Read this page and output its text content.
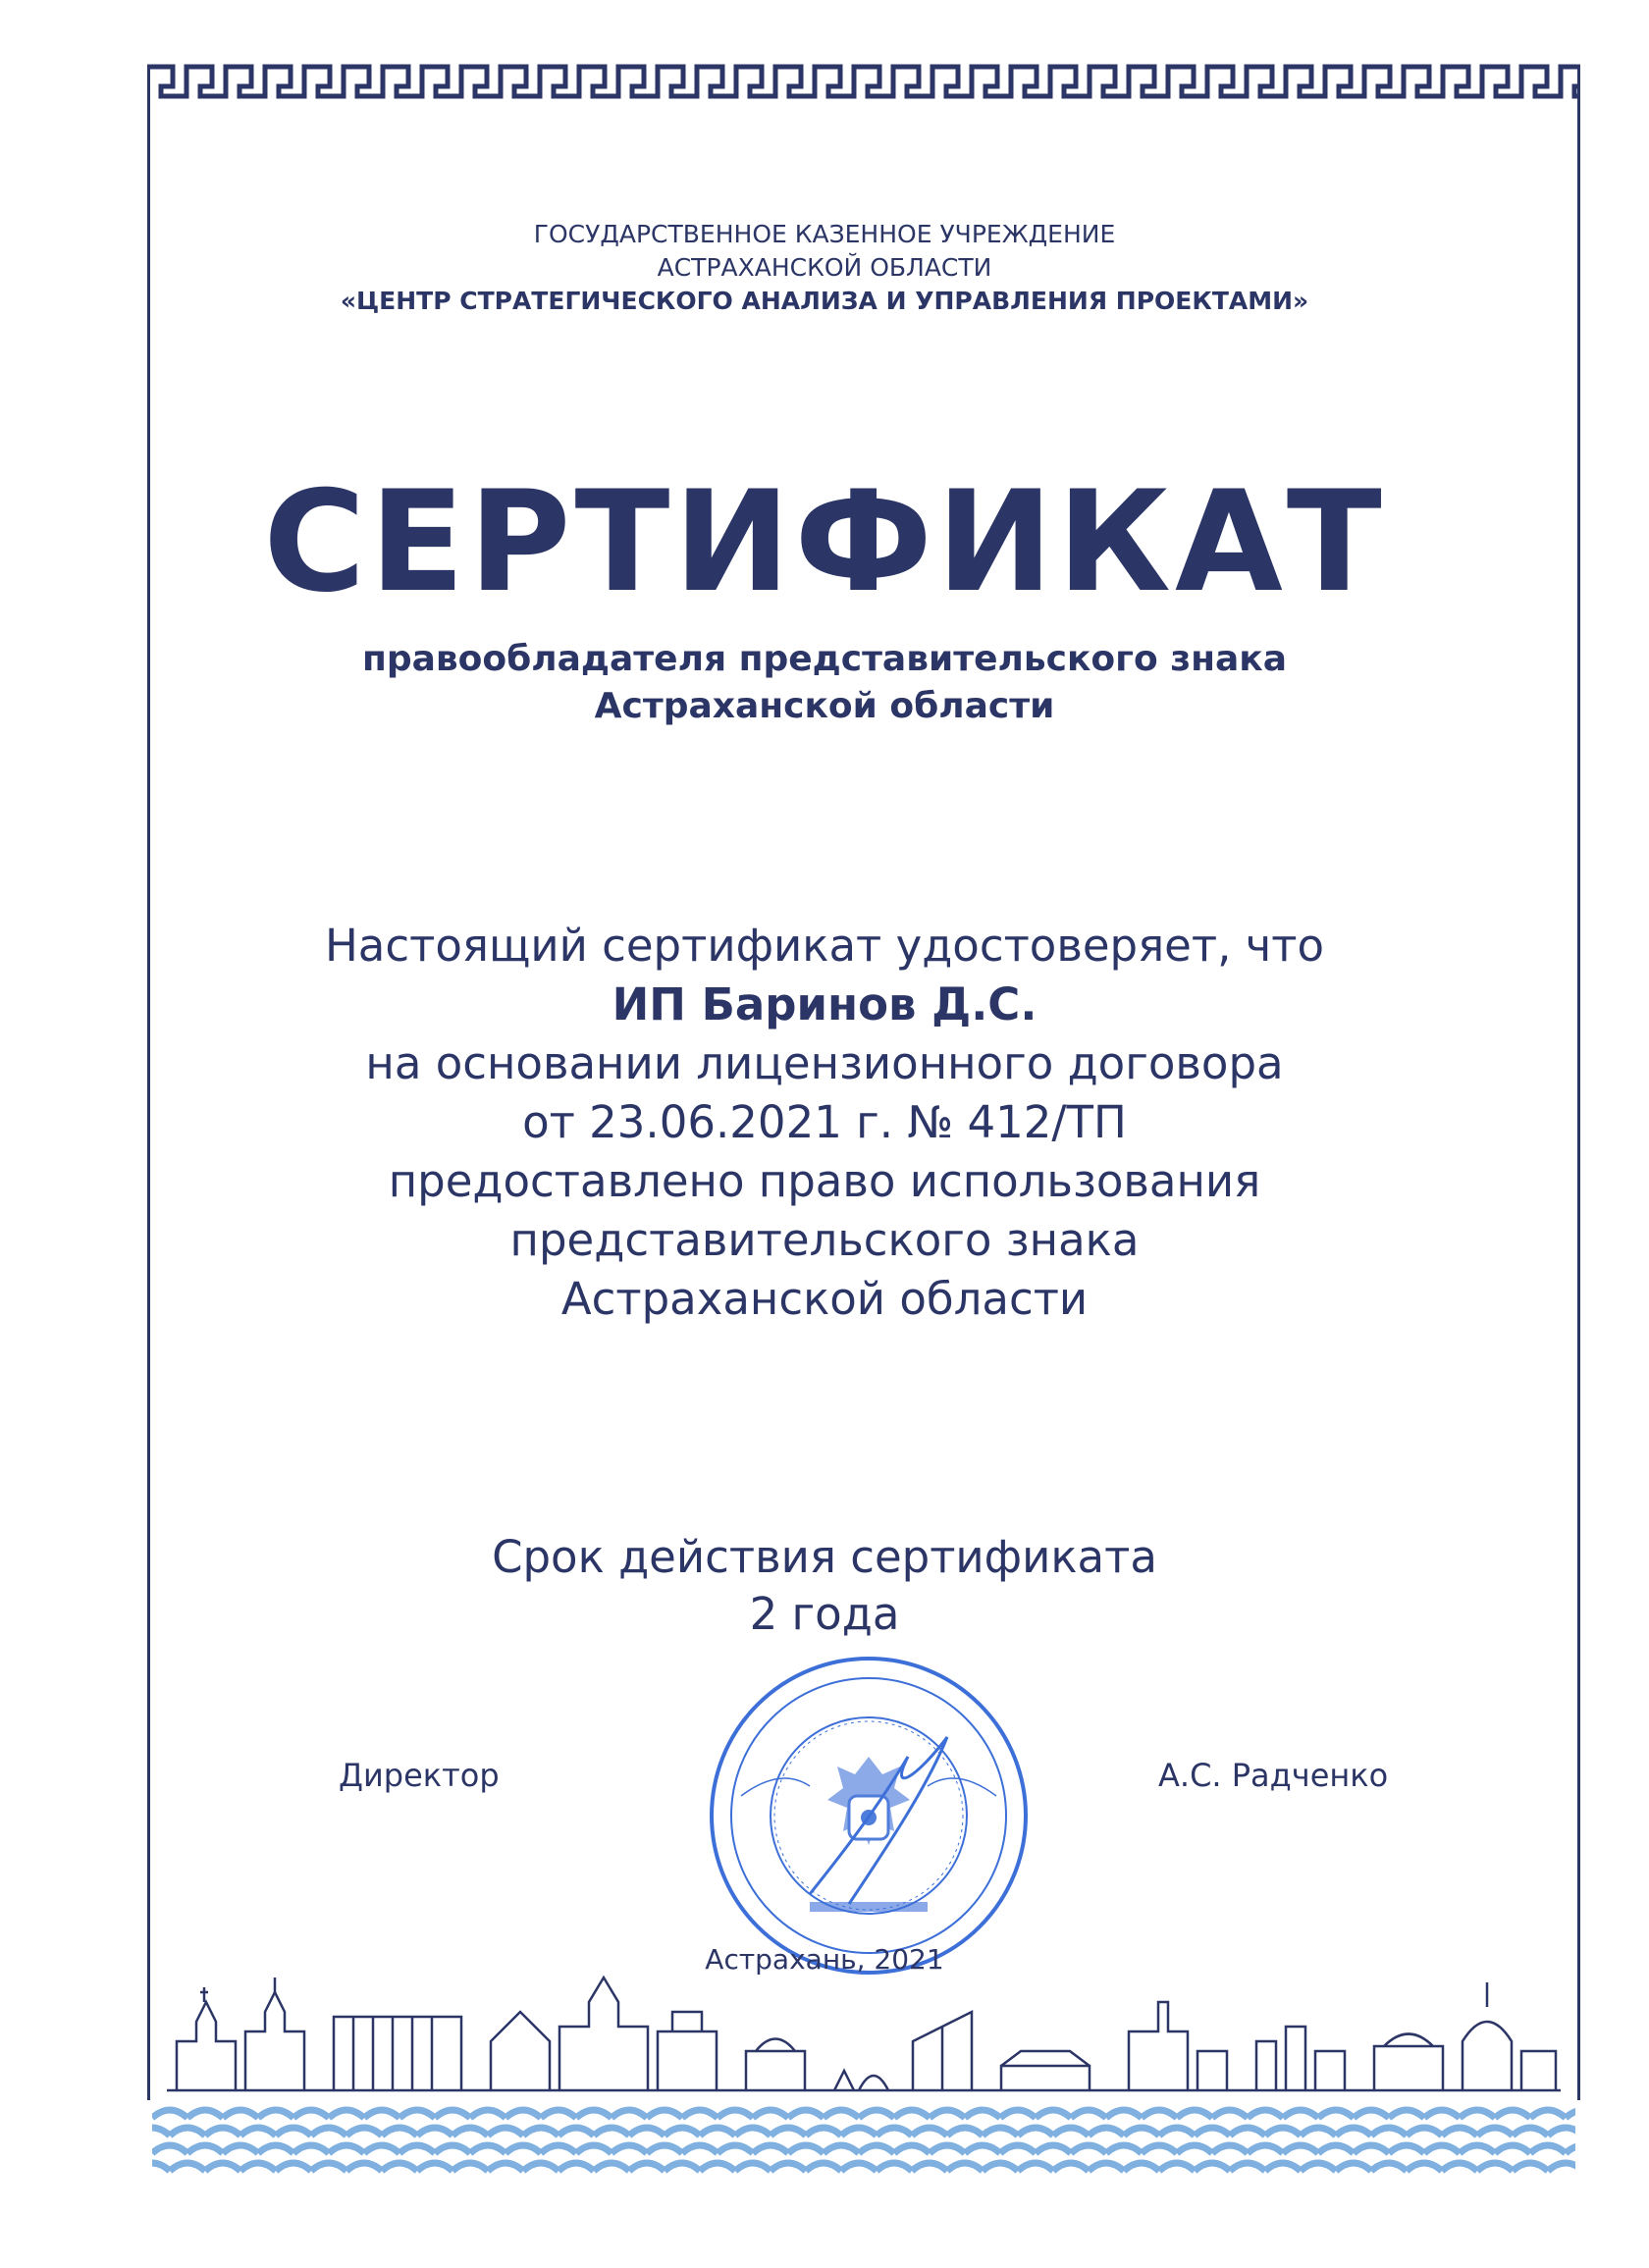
ГОСУДАРСТВЕННОЕ КАЗЕННОЕ УЧРЕЖДЕНИЕ
АСТРАХАНСКОЙ ОБЛАСТИ
«ЦЕНТР СТРАТЕГИЧЕСКОГО АНАЛИЗА И УПРАВЛЕНИЯ ПРОЕКТАМИ»
СЕРТИФИКАТ
правообладателя представительского знака
Астраханской области
Настоящий сертификат удостоверяет, что
ИП Баринов Д.С.
на основании лицензионного договора
от 23.06.2021 г. № 412/ТП
предоставлено право использования
представительского знака
Астраханской области
Срок действия сертификата
2 года
Директор	А.С. Радченко
Астрахань, 2021
